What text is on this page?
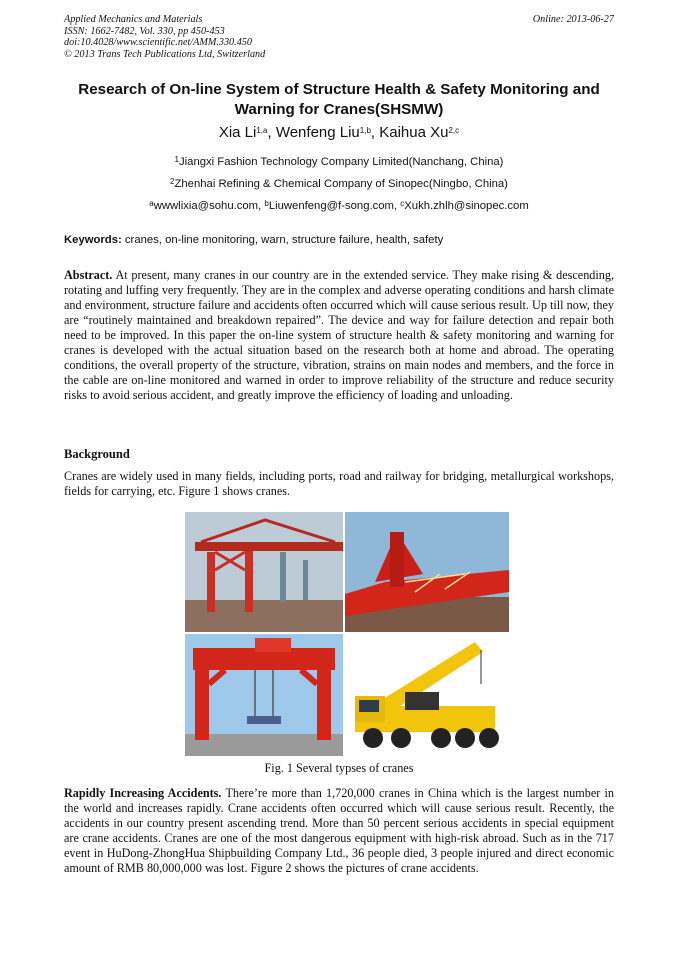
Applied Mechanics and Materials
ISSN: 1662-7482, Vol. 330, pp 450-453
doi:10.4028/www.scientific.net/AMM.330.450
© 2013 Trans Tech Publications Ltd, Switzerland
Online: 2013-06-27
Research of On-line System of Structure Health & Safety Monitoring and
Warning for Cranes(SHSMW)
Xia Li$^{1,a}$, Wenfeng Liu$^{1,b}$, Kaihua Xu$^{2,c}$
$^1$Jiangxi Fashion Technology Company Limited(Nanchang, China)
$^2$Zhenhai Refining & Chemical Company of Sinopec(Ningbo, China)
$^a$wwwlixia@sohu.com, $^b$Liuwenfeng@f-song.com, $^c$Xukh.zhlh@sinopec.com
Keywords: cranes, on-line monitoring, warn, structure failure, health, safety
Abstract. At present, many cranes in our country are in the extended service. They make rising & descending, rotating and luffing very frequently. They are in the complex and adverse operating conditions and harsh climate and environment, structure failure and accidents often occurred which will cause serious result. Up till now, they are “routinely maintained and breakdown repaired”. The device and way for failure detection and repair both need to be improved. In this paper the on-line system of structure health & safety monitoring and warning for cranes is developed with the actual situation based on the research both at home and abroad. The operating conditions, the overall property of the structure, vibration, strains on main nodes and members, and the force in the cable are on-line monitored and warned in order to improve reliability of the structure and reduce security risks to avoid serious accident, and greatly improve the efficiency of loading and unloading.
Background
Cranes are widely used in many fields, including ports, road and railway for bridging, metallurgical workshops, fields for carrying, etc. Figure 1 shows cranes.
Fig. 1 Several typses of cranes
Rapidly Increasing Accidents. There’re more than 1,720,000 cranes in China which is the largest number in the world and increases rapidly. Crane accidents often occurred which will cause serious result. Recently, the accidents in our country present ascending trend. More than 50 percent serious accidents in special equipment are crane accidents. Cranes are one of the most dangerous equipment with high-risk abroad. Such as in the 717 event in HuDong-ZhongHua Shipbuilding Company Ltd., 36 people died, 3 people injured and direct economic amount of RMB 80,000,000 was lost. Figure 2 shows the pictures of crane accidents.
